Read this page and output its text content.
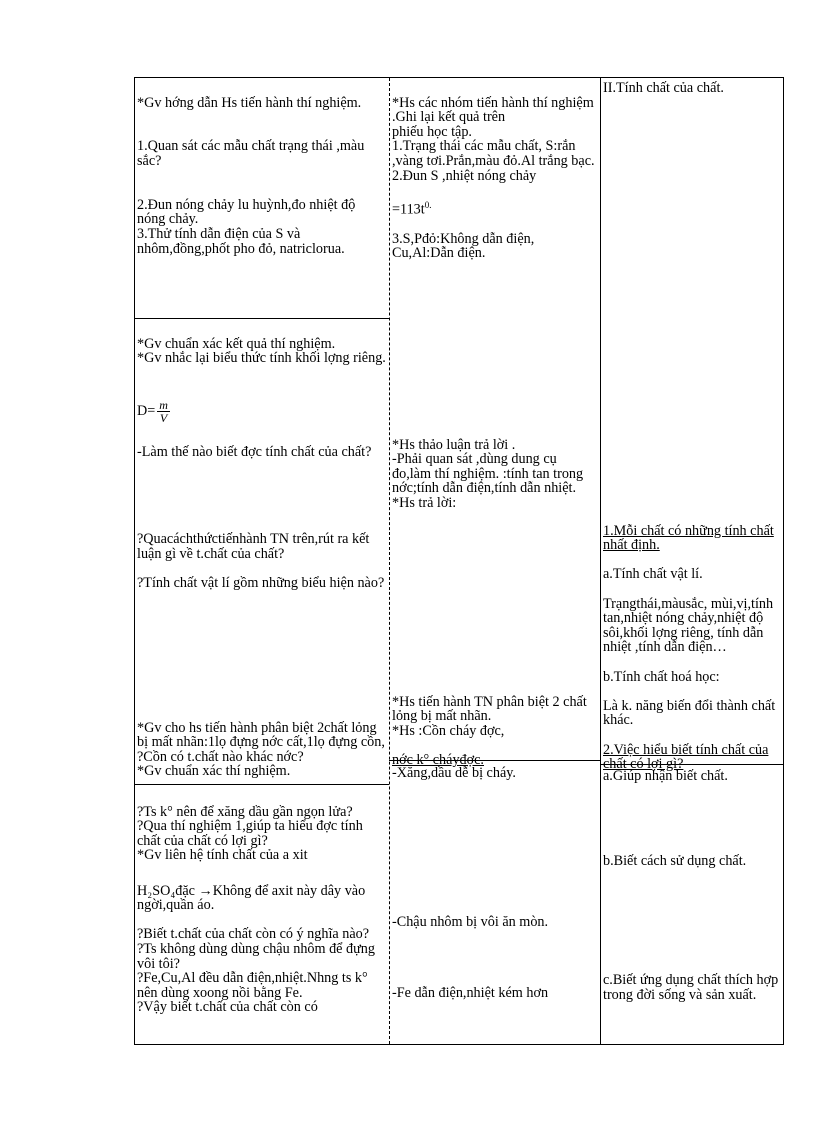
*Gv hớng dẫn Hs tiến hành thí nghiệm.

1.Quan sát các mẫu chất trạng thái ,màu sắc?

2.Đun nóng chảy lu huỳnh,đo nhiệt độ nóng chảy.

3.Thử tính dẫn điện của S và nhôm,đồng,phốt pho đỏ, natriclorua.

*Gv chuẩn xác kết quả thí nghiệm.

*Gv nhắc lại biểu thức tính khối lợng riêng.

$D= \frac{m}{V}$

-Làm thế nào biết đợc tính chất của chất?

?Quacáchthứctiếnhành TN trên,rút ra kết luận gì về t.chất của chất?

?Tính chất vật lí gồm những biểu hiện nào?

*Gv cho hs tiến hành phân biệt 2chất lỏng bị mất nhãn:1lọ đựng nớc cất,1lọ đựng cồn,

?Cồn có t.chất nào khác nớc?

*Gv chuẩn xác thí nghiệm.

?Ts k° nên để xăng dầu gần ngọn lửa?

?Qua thí nghiệm 1,giúp ta hiểu đợc tính chất của chất có lợi gì?

*Gv liên hệ tính chất của a xit

H₂SO₄đặc →Không để axit này dây vào ngời,quần áo.

?Biết t.chất của chất còn có ý nghĩa nào?

?Ts không dùng dùng chậu nhôm để đựng vôi tôi?

?Fe,Cu,Al đều dẫn điện,nhiệt.Nhng ts k° nên dùng xoong nồi bằng Fe.

?Vậy biết t.chất của chất còn có

*Hs các nhóm tiến hành thí nghiệm .Ghi lại kết quả trên

phiếu học tập.

1.Trạng thái các mẫu chất, S:rắn ,vàng tơi.Prắn,màu đỏ.Al trắng bạc.

2.Đun S ,nhiệt nóng chảy

$=113t^{0.}$

3.S,Pđỏ:Không dẫn điện, Cu,Al:Dẫn điện.

*Hs thảo luận trả lời .

-Phải quan sát ,dùng dung cụ đo,làm thí nghiệm. :tính tan trong nớc;tính dẫn điện,tính dẫn nhiệt.

*Hs trả lời:

*Hs tiến hành TN phân biệt 2 chất lỏng bị mất nhãn.

*Hs :Cồn cháy đợc,

nớc k° cháyđợc.

-Xăng,dầu dễ bị cháy.

-Chậu nhôm bị vôi ăn mòn.

-Fe dẫn điện,nhiệt kém hơn

II.Tính chất của chất.

1.Mỗi chất có những tính chất nhất định.

a.Tính chất vật lí.

Trạngthái,màusắc, mùi,vị,tính tan,nhiệt nóng chảy,nhiệt độ sôi,khối lợng riêng, tính dẫn nhiệt ,tính dẫn điện…

b.Tính chất hoá học:

Là k. năng biến đổi thành chất khác.

2.Việc hiểu biết tính chất của chất có lợi gì?

a.Giúp nhận biết chất.

b.Biết cách sử dụng chất.

c.Biết ứng dụng chất thích hợp trong đời sống và sản xuất.
